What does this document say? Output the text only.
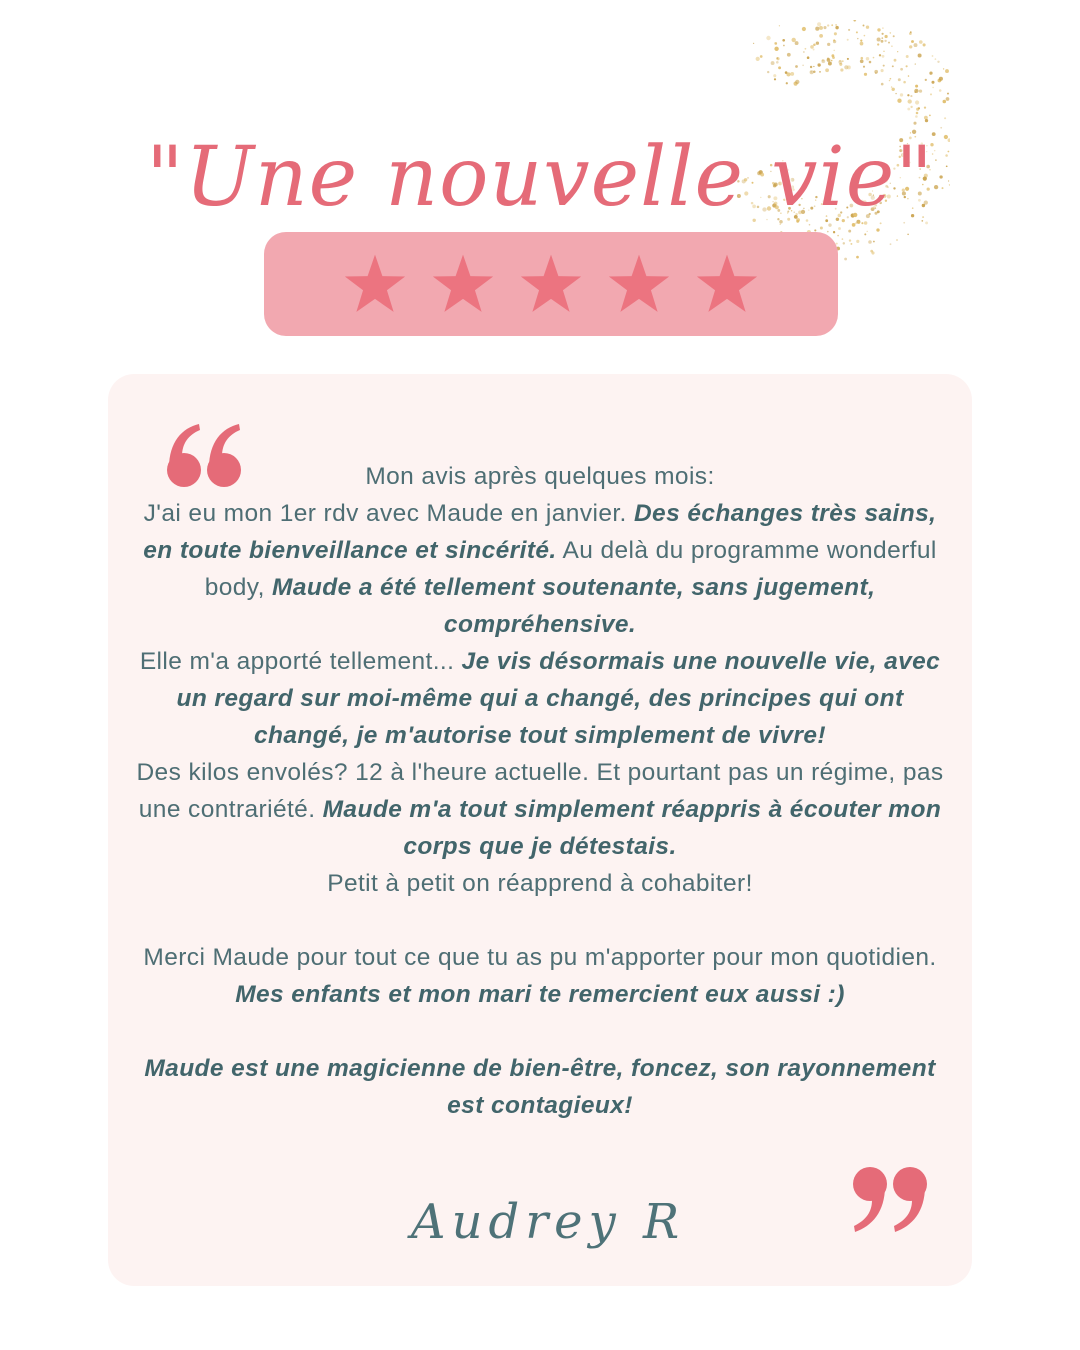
"Une nouvelle vie"

Mon avis après quelques mois:
J'ai eu mon 1er rdv avec Maude en janvier. Des échanges très sains, en toute bienveillance et sincérité. Au delà du programme wonderful body, Maude a été tellement soutenante, sans jugement, compréhensive.
Elle m'a apporté tellement... Je vis désormais une nouvelle vie, avec un regard sur moi-même qui a changé, des principes qui ont changé, je m'autorise tout simplement de vivre!
Des kilos envolés? 12 à l'heure actuelle. Et pourtant pas un régime, pas une contrariété. Maude m'a tout simplement réappris à écouter mon corps que je détestais.
Petit à petit on réapprend à cohabiter!

Merci Maude pour tout ce que tu as pu m'apporter pour mon quotidien. Mes enfants et mon mari te remercient eux aussi :)

Maude est une magicienne de bien-être, foncez, son rayonnement est contagieux!

Audrey R
